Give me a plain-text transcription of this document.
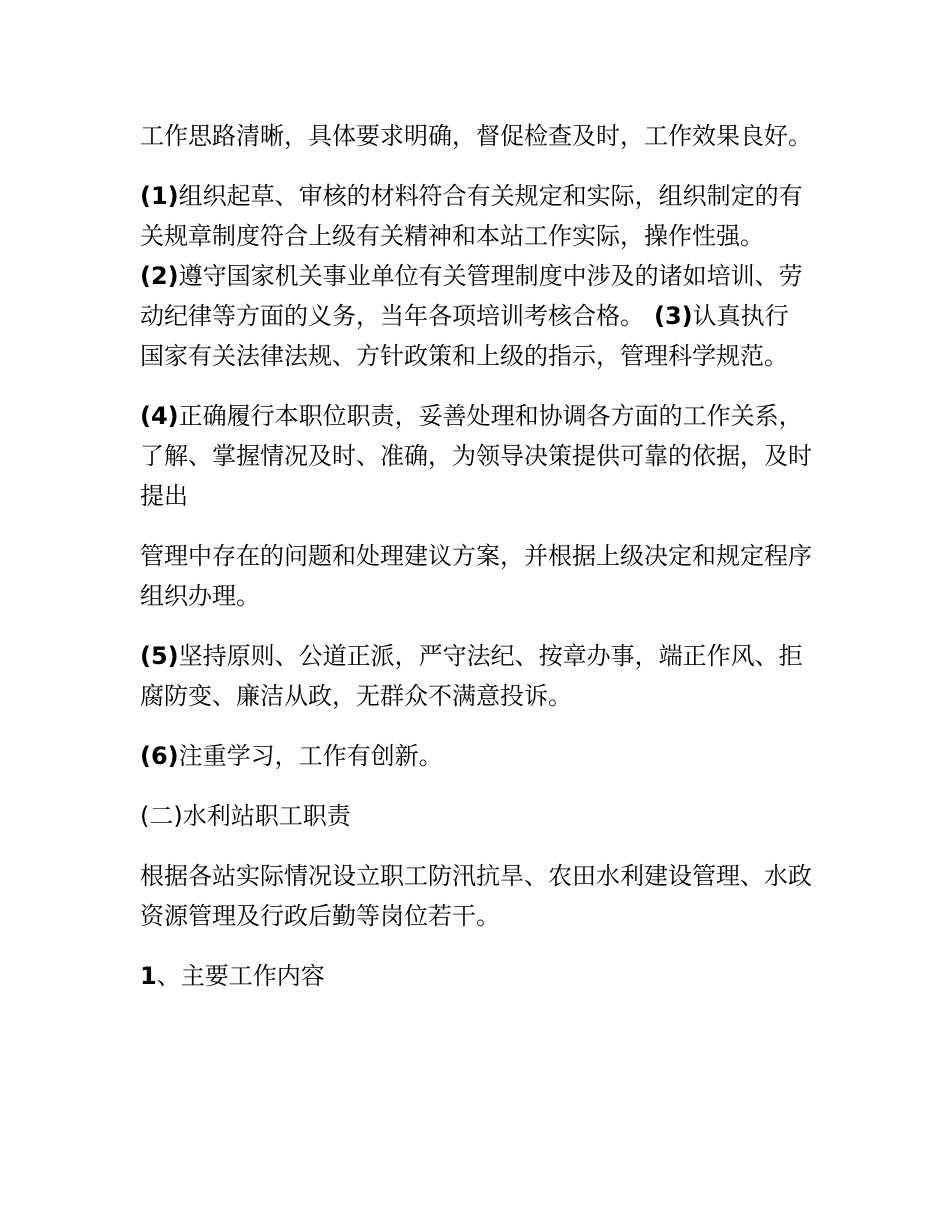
工作思路清晰，具体要求明确，督促检查及时，工作效果良好。

(1)组织起草、审核的材料符合有关规定和实际，组织制定的有关规章制度符合上级有关精神和本站工作实际，操作性强。(2)遵守国家机关事业单位有关管理制度中涉及的诸如培训、劳动纪律等方面的义务，当年各项培训考核合格。 (3)认真执行国家有关法律法规、方针政策和上级的指示，管理科学规范。

(4)正确履行本职位职责，妥善处理和协调各方面的工作关系，了解、掌握情况及时、准确，为领导决策提供可靠的依据，及时提出

管理中存在的问题和处理建议方案，并根据上级决定和规定程序组织办理。

(5)坚持原则、公道正派，严守法纪、按章办事，端正作风、拒腐防变、廉洁从政，无群众不满意投诉。

(6)注重学习，工作有创新。

(二)水利站职工职责

根据各站实际情况设立职工防汛抗旱、农田水利建设管理、水政资源管理及行政后勤等岗位若干。

1、主要工作内容
